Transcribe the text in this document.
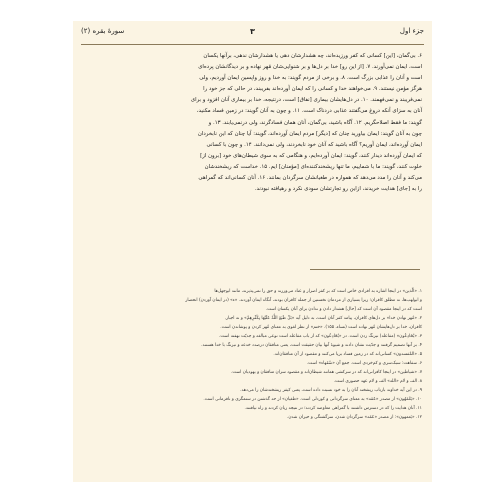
جزء اول
۳
سورۀ بقره (۲)

۶. بی‌گمان، [این] کسانی که کفر ورزیده‌اند، چه هشدارشان دهی یا هشدارشان ندهی، برآنها یکسان

است، ایمان نمی‌آورند. ۷. [از این رو] خدا بر دل‌ها و بر شنوایی‌شان مُهر نهاده و بر دیدگانشان پرده‌ای

است و آنان را عذابی بزرگ است. ۸. و برخی از مردم گویند: به خدا و روز واپسین ایمان آوردیم، ولی

هرگز مؤمن نیستند. ۹. می‌خواهند خدا و کسانی را که ایمان آورده‌اند بفریبند، در حالی که جز خود را

نمی‌فریبند و نمی‌فهمند. ۱۰. در دل‌هایشان بیماری [نفاق] است، درنتیجه، خدا بر بیماری آنان افزود و برای

آنان به سزای آنکه دروغ می‌گفتند عذابی دردناک است. ۱۱. و چون به آنان گویند: در زمین فساد مکنید،

گویند: ما فقط اصلاحگریم. ۱۲. آگاه باشید، بی‌گمان، آنان همان فسادگرند، ولی درنمی‌یابند. ۱۳. و

چون به آنان گویند: ایمان بیاورید چنان که [دیگر] مردم ایمان آورده‌اند، گویند: آیا چنان که این نابخردان

ایمان آورده‌اند، ایمان آوریم؟ آگاه باشید که آنان خود نابخردند، ولی نمی‌دانند. ۱۴. و چون با کسانی

که ایمان آورده‌اند دیدار کنند، گویند: ایمان آورده‌ایم، و هنگامی که به سوی شیطان‌های خود [برون از]

خلوت کنند، گویند: ما با شماییم، ما تنها ریشخندکننده‌ای [مؤمنان] ایم. ۱۵. خداست که ریشخندشان

می‌کند و آنان را مدد می‌دهد که همواره در طغیانشان سرگردان بمانند. ۱۶. آنان کسانی‌اند که گمراهی

را به [جای] هدایت خریدند، ازاین رو تجارتشان سودی نکرد و رهیافته نبودند.

۱. «الّذین» در اینجا اشاره به افرادی خاص است که بر کفر اصرار و عناد می‌ورزند و حق را نمی‌پذیرند، مانند ابوجهل‌ها

و ابولهب‌ها، نه مطلق کافران؛ زیرا بسیاری از مردمان نخستین از جمله کافران بودند، آنگاه ایمان آوردند. «ء» (در ایمان آوردن) انحصار

است که در اینجا مقصود آن است که [حال] هشدار دادن و ندادن برای آنان یکسان است.

۲. «مُهر نهادن خدا» بر دل‌های کافران، پیامد کفر آنان است، به دلیل آیه «بَلْ طَبَعَ اللَّهُ عَلَيْهَا بِكُفْرِهِمْ» و نه اجبار.

کافران، خدا بر دل‌هایشان مُهر نهاده است (نساء، ۱۵۵). «ختم» از نظر لغوی به معنای مُهر کردن و پوشاندن است.

۳. «یُخَادِعُون» (مفاعله) نیرنگ زدن است. در «یُخَادِعُون» که از باب مفاعله است نوعی مبالغه و جدیّت نهفته است.

۴. بر آنها تصمیم گرفتند و جدّیت نشان دادند و شیوهٔ آنها بیان حقیقت است، یعنی منافقان درصدد خدعه و نیرنگ با خدا هستند.

۵. «المُفسدون» کسانی‌اند که در زمین فساد برپا می‌کنند و مقصود از آن منافقان‌اند.

۶. سفاهت: سبک‌سری و کم‌خردی است. جمع آن «سُفَهاء» است.

۷. «شیاطین» در اینجا کافرانی‌اند که در سرکشی همانند شیطان‌اند و مقصود سران منافقان و یهودیان است.

۸. الف و لام «الله» الف و لام عهد حضوری است.

۹. در این آیه خداوند بازتاب ریشخند آنان را به خود نسبت داده است، یعنی کیفر ریشخندشان را می‌دهد.

۱۰. «یَعْمَهُون» از مصدر «عَمَه» به معنای سرگردانی و کوردلی است. «طغیان» از حد گذشتن در ستمگری و نافرمانی است.

۱۱. آنان هدایت را که در دسترس داشتند با گمراهی معاوضه کردند؛ در نتیجه زیان کردند و راه نیافتند.

۱۲. «یَعمهون»: از مصدر «عَمَه» سرگردان شدن، سرگشتگی و حیران شدن.
